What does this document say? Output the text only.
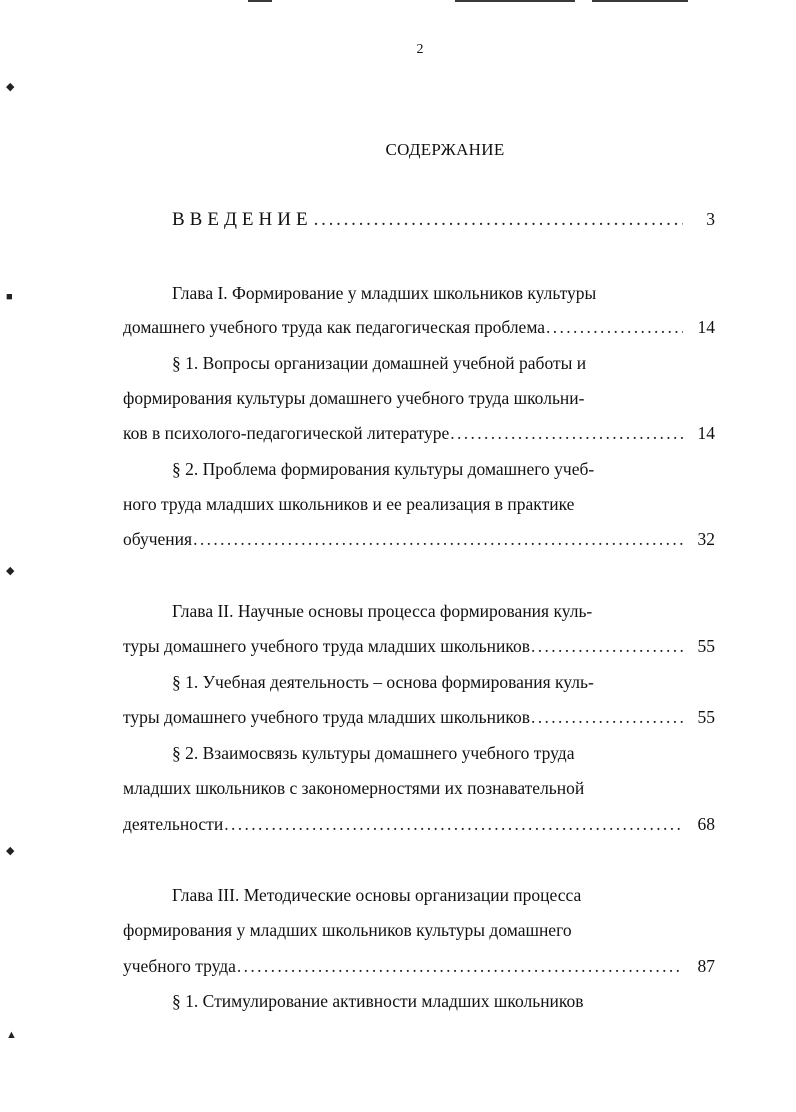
◆
■
◆
◆
▲
2
СОДЕРЖАНИЕ
ВВЕДЕНИЕ . . .	3
Глава I. Формирование у младших школьников культуры
домашнего учебного труда как педагогическая проблема . . .	14
§ 1. Вопросы организации домашней учебной работы и
формирования культуры домашнего учебного труда школьни-
ков в психолого-педагогической литературе . . .	14
§ 2. Проблема формирования культуры домашнего учеб-
ного труда младших школьников и ее реализация в практике
обучения . . .	32
Глава II. Научные основы процесса формирования куль-
туры домашнего учебного труда младших школьников . . .	55
§ 1. Учебная деятельность – основа формирования куль-
туры домашнего учебного труда младших школьников . . .	55
§ 2. Взаимосвязь культуры домашнего учебного труда
младших школьников с закономерностями их познавательной
деятельности . . .	68
Глава III. Методические основы организации процесса
формирования у младших школьников культуры домашнего
учебного труда . . .	87
§ 1. Стимулирование активности младших школьников
